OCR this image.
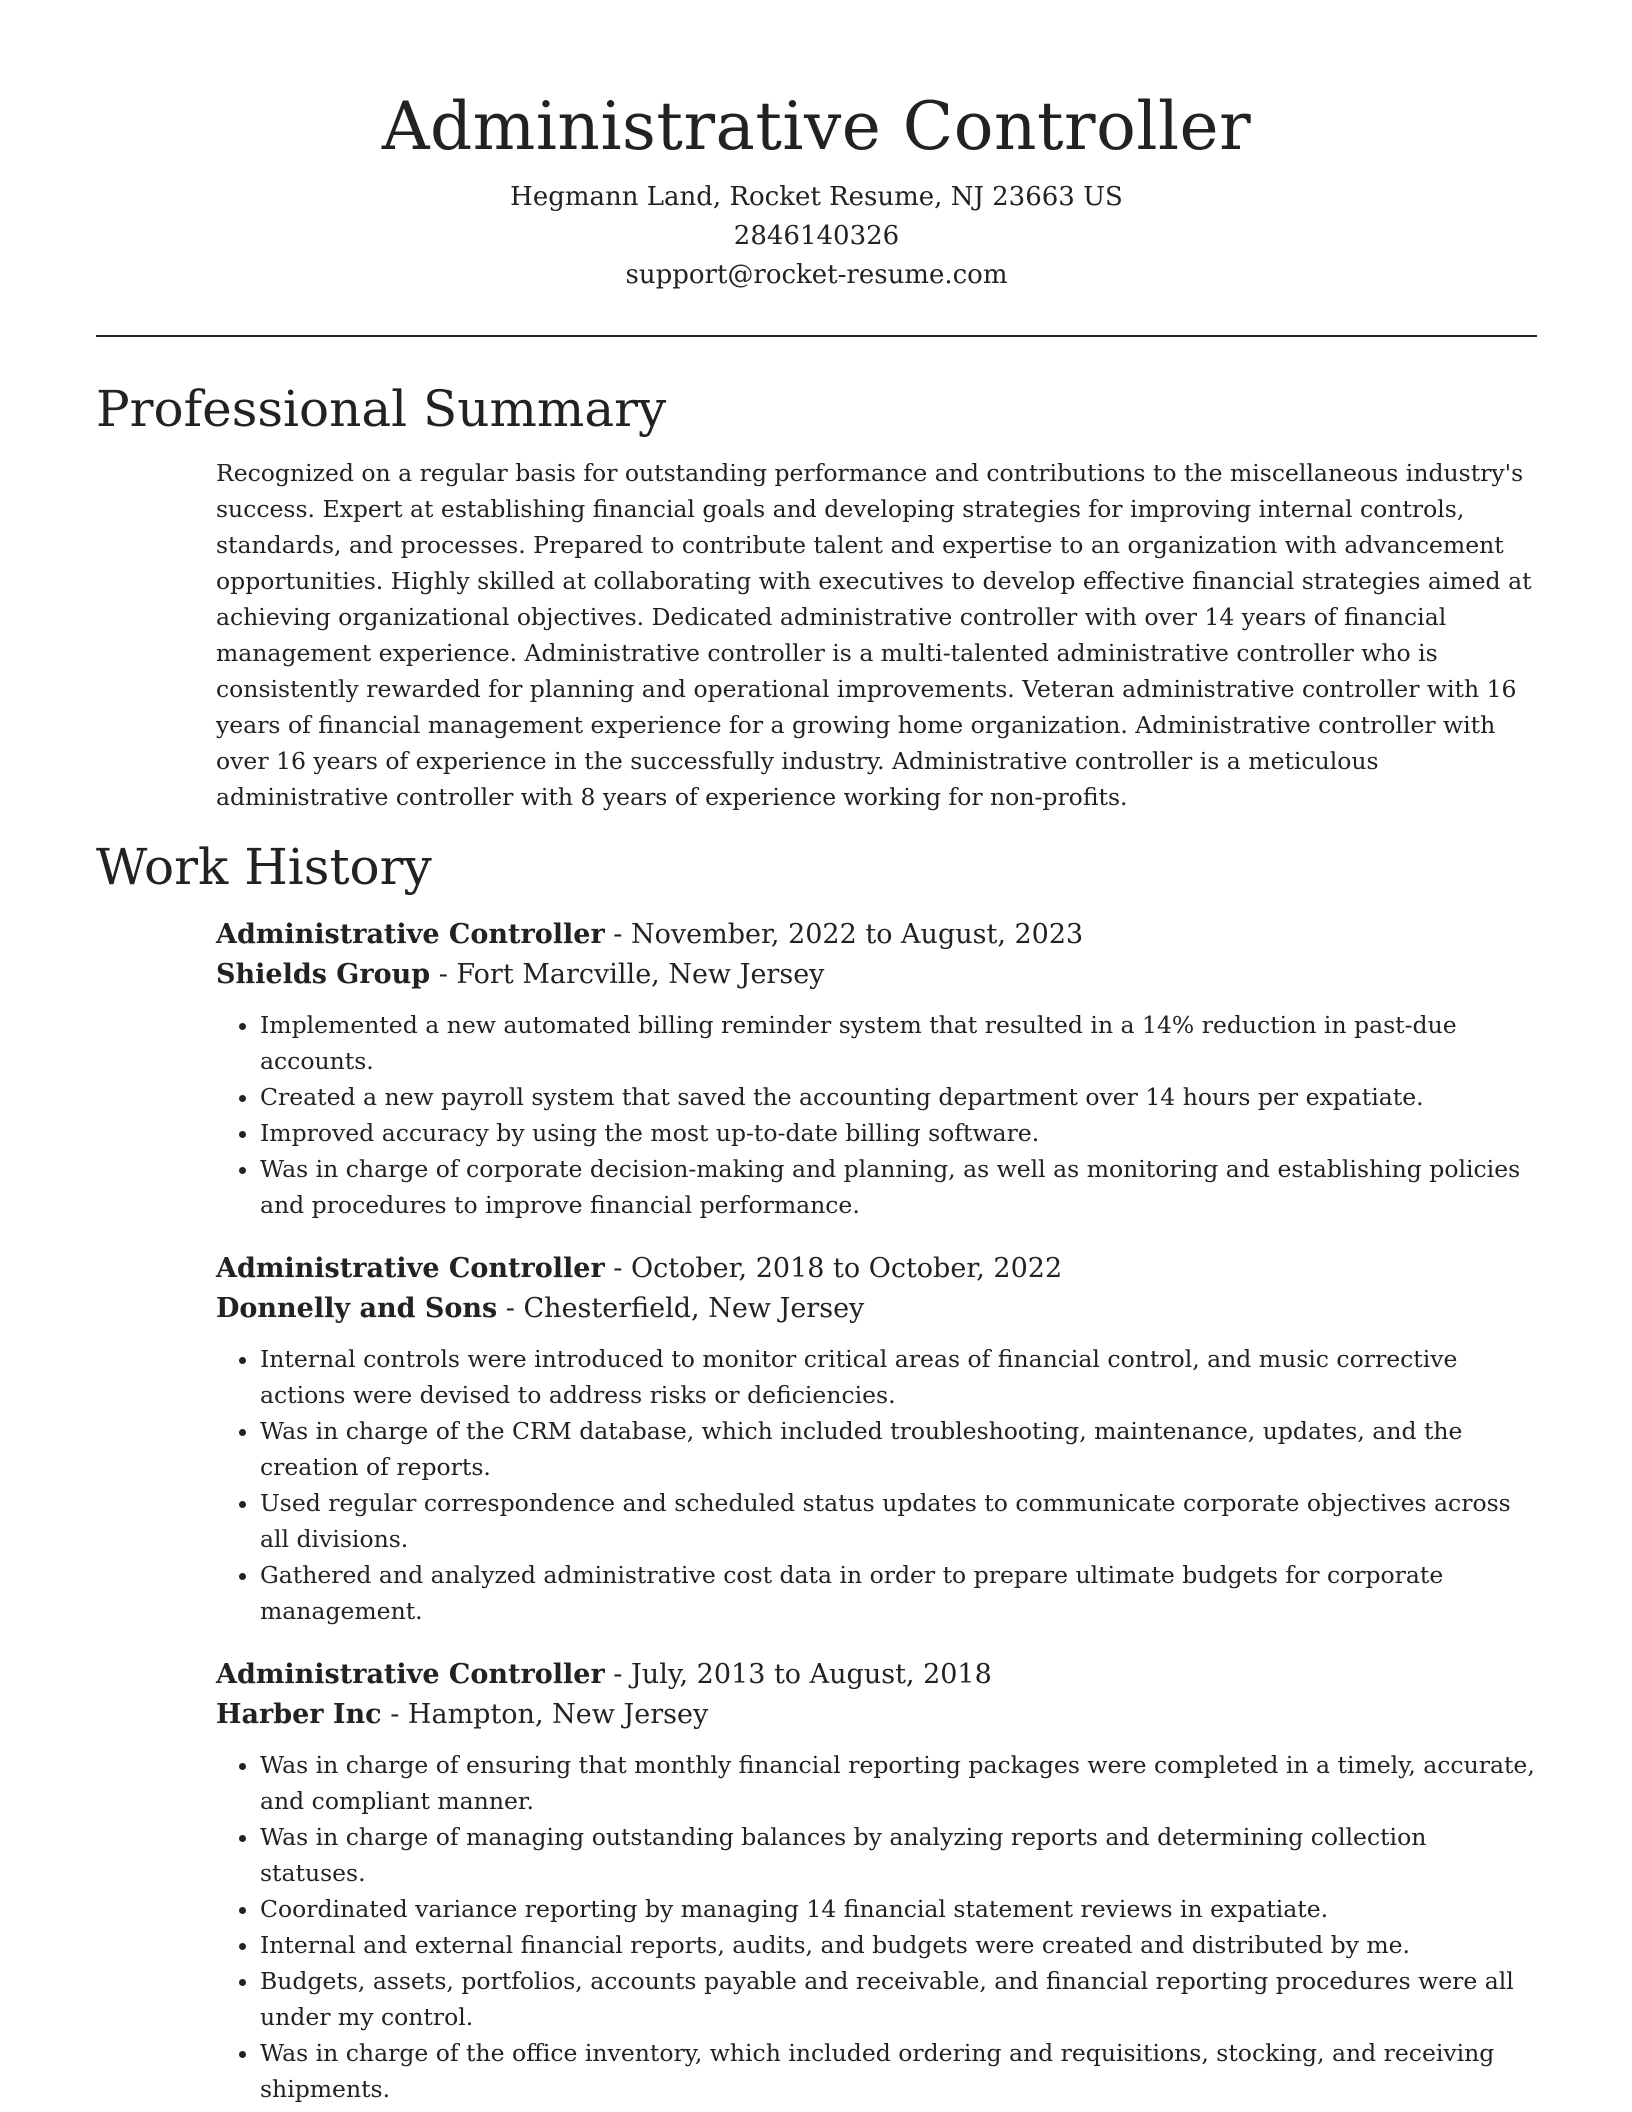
Administrative Controller

Hegmann Land, Rocket Resume, NJ 23663 US

2846140326

support@rocket-resume.com

Professional Summary

Recognized on a regular basis for outstanding performance and contributions to the miscellaneous industry's success. Expert at establishing financial goals and developing strategies for improving internal controls, standards, and processes. Prepared to contribute talent and expertise to an organization with advancement opportunities. Highly skilled at collaborating with executives to develop effective financial strategies aimed at achieving organizational objectives. Dedicated administrative controller with over 14 years of financial management experience. Administrative controller is a multi-talented administrative controller who is consistently rewarded for planning and operational improvements. Veteran administrative controller with 16 years of financial management experience for a growing home organization. Administrative controller with over 16 years of experience in the successfully industry. Administrative controller is a meticulous administrative controller with 8 years of experience working for non-profits.

Work History

Administrative Controller - November, 2022 to August, 2023

Shields Group - Fort Marcville, New Jersey

• Implemented a new automated billing reminder system that resulted in a 14% reduction in past-due accounts.
• Created a new payroll system that saved the accounting department over 14 hours per expatiate.
• Improved accuracy by using the most up-to-date billing software.
• Was in charge of corporate decision-making and planning, as well as monitoring and establishing policies and procedures to improve financial performance.

Administrative Controller - October, 2018 to October, 2022

Donnelly and Sons - Chesterfield, New Jersey

• Internal controls were introduced to monitor critical areas of financial control, and music corrective actions were devised to address risks or deficiencies.
• Was in charge of the CRM database, which included troubleshooting, maintenance, updates, and the creation of reports.
• Used regular correspondence and scheduled status updates to communicate corporate objectives across all divisions.
• Gathered and analyzed administrative cost data in order to prepare ultimate budgets for corporate management.

Administrative Controller - July, 2013 to August, 2018

Harber Inc - Hampton, New Jersey

• Was in charge of ensuring that monthly financial reporting packages were completed in a timely, accurate, and compliant manner.
• Was in charge of managing outstanding balances by analyzing reports and determining collection statuses.
• Coordinated variance reporting by managing 14 financial statement reviews in expatiate.
• Internal and external financial reports, audits, and budgets were created and distributed by me.
• Budgets, assets, portfolios, accounts payable and receivable, and financial reporting procedures were all under my control.
• Was in charge of the office inventory, which included ordering and requisitions, stocking, and receiving shipments.
